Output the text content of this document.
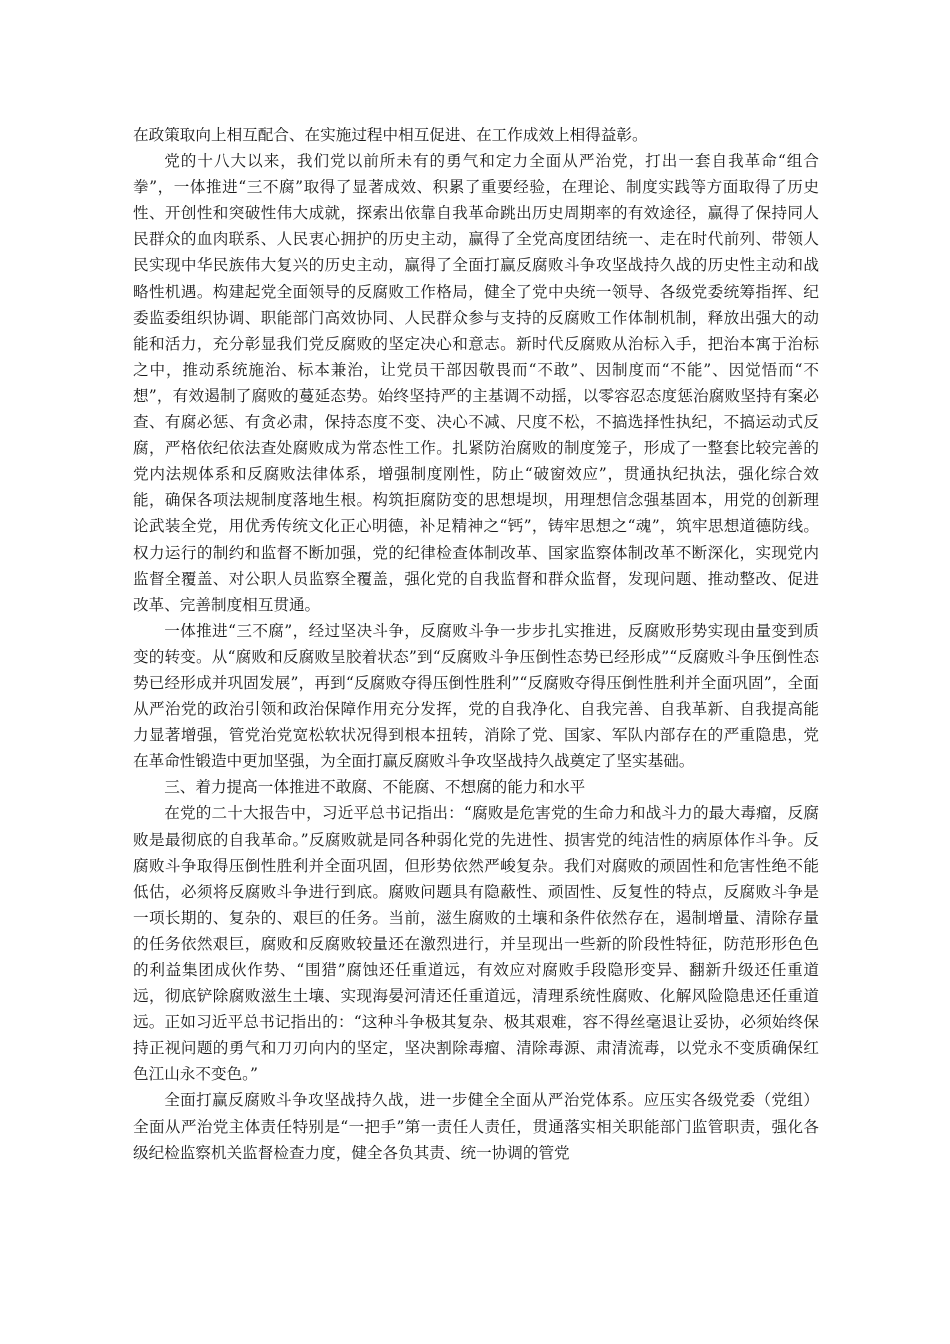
在政策取向上相互配合、在实施过程中相互促进、在工作成效上相得益彰。

党的十八大以来，我们党以前所未有的勇气和定力全面从严治党，打出一套自我革命“组合拳”，一体推进“三不腐”取得了显著成效、积累了重要经验，在理论、制度实践等方面取得了历史性、开创性和突破性伟大成就，探索出依靠自我革命跳出历史周期率的有效途径，赢得了保持同人民群众的血肉联系、人民衷心拥护的历史主动，赢得了全党高度团结统一、走在时代前列、带领人民实现中华民族伟大复兴的历史主动，赢得了全面打赢反腐败斗争攻坚战持久战的历史性主动和战略性机遇。构建起党全面领导的反腐败工作格局，健全了党中央统一领导、各级党委统筹指挥、纪委监委组织协调、职能部门高效协同、人民群众参与支持的反腐败工作体制机制，释放出强大的动能和活力，充分彰显我们党反腐败的坚定决心和意志。新时代反腐败从治标入手，把治本寓于治标之中，推动系统施治、标本兼治，让党员干部因敬畏而“不敢”、因制度而“不能”、因觉悟而“不想”，有效遏制了腐败的蔓延态势。始终坚持严的主基调不动摇，以零容忍态度惩治腐败坚持有案必查、有腐必惩、有贪必肃，保持态度不变、决心不减、尺度不松，不搞选择性执纪，不搞运动式反腐，严格依纪依法查处腐败成为常态性工作。扎紧防治腐败的制度笼子，形成了一整套比较完善的党内法规体系和反腐败法律体系，增强制度刚性，防止“破窗效应”，贯通执纪执法，强化综合效能，确保各项法规制度落地生根。构筑拒腐防变的思想堤坝，用理想信念强基固本，用党的创新理论武装全党，用优秀传统文化正心明德，补足精神之“钙”，铸牢思想之“魂”，筑牢思想道德防线。权力运行的制约和监督不断加强，党的纪律检查体制改革、国家监察体制改革不断深化，实现党内监督全覆盖、对公职人员监察全覆盖，强化党的自我监督和群众监督，发现问题、推动整改、促进改革、完善制度相互贯通。

一体推进“三不腐”，经过坚决斗争，反腐败斗争一步步扎实推进，反腐败形势实现由量变到质变的转变。从“腐败和反腐败呈胶着状态”到“反腐败斗争压倒性态势已经形成”“反腐败斗争压倒性态势已经形成并巩固发展”，再到“反腐败夺得压倒性胜利”“反腐败夺得压倒性胜利并全面巩固”，全面从严治党的政治引领和政治保障作用充分发挥，党的自我净化、自我完善、自我革新、自我提高能力显著增强，管党治党宽松软状况得到根本扭转，消除了党、国家、军队内部存在的严重隐患，党在革命性锻造中更加坚强，为全面打赢反腐败斗争攻坚战持久战奠定了坚实基础。

三、着力提高一体推进不敢腐、不能腐、不想腐的能力和水平

在党的二十大报告中，习近平总书记指出：“腐败是危害党的生命力和战斗力的最大毒瘤，反腐败是最彻底的自我革命。”反腐败就是同各种弱化党的先进性、损害党的纯洁性的病原体作斗争。反腐败斗争取得压倒性胜利并全面巩固，但形势依然严峻复杂。我们对腐败的顽固性和危害性绝不能低估，必须将反腐败斗争进行到底。腐败问题具有隐蔽性、顽固性、反复性的特点，反腐败斗争是一项长期的、复杂的、艰巨的任务。当前，滋生腐败的土壤和条件依然存在，遏制增量、清除存量的任务依然艰巨，腐败和反腐败较量还在激烈进行，并呈现出一些新的阶段性特征，防范形形色色的利益集团成伙作势、“围猎”腐蚀还任重道远，有效应对腐败手段隐形变异、翻新升级还任重道远，彻底铲除腐败滋生土壤、实现海晏河清还任重道远，清理系统性腐败、化解风险隐患还任重道远。正如习近平总书记指出的：“这种斗争极其复杂、极其艰难，容不得丝毫退让妥协，必须始终保持正视问题的勇气和刀刃向内的坚定，坚决割除毒瘤、清除毒源、肃清流毒，以党永不变质确保红色江山永不变色。”

全面打赢反腐败斗争攻坚战持久战，进一步健全全面从严治党体系。应压实各级党委（党组）全面从严治党主体责任特别是“一把手”第一责任人责任，贯通落实相关职能部门监管职责，强化各级纪检监察机关监督检查力度，健全各负其责、统一协调的管党
